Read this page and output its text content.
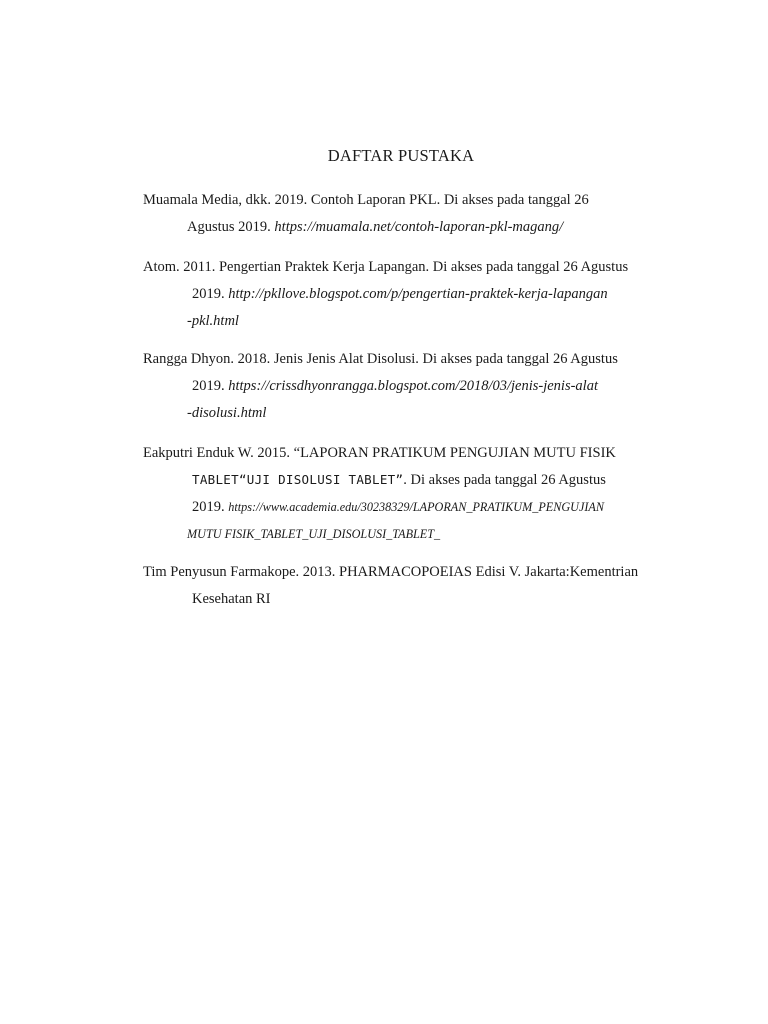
DAFTAR PUSTAKA
Muamala Media, dkk. 2019. Contoh Laporan PKL. Di akses pada tanggal 26
Agustus 2019. https://muamala.net/contoh-laporan-pkl-magang/
Atom. 2011. Pengertian Praktek Kerja Lapangan. Di akses pada tanggal 26 Agustus
2019. http://pkllove.blogspot.com/p/pengertian-praktek-kerja-lapangan
-pkl.html
Rangga Dhyon. 2018. Jenis Jenis Alat Disolusi. Di akses pada tanggal 26 Agustus
2019. https://crissdhyonrangga.blogspot.com/2018/03/jenis-jenis-alat
-disolusi.html
Eakputri Enduk W. 2015. “LAPORAN PRATIKUM PENGUJIAN MUTU FISIK
TABLET“UJI DISOLUSI TABLET”. Di akses pada tanggal 26 Agustus
2019. https://www.academia.edu/30238329/LAPORAN_PRATIKUM_PENGUJIAN
MUTU FISIK_TABLET_UJI_DISOLUSI_TABLET_
Tim Penyusun Farmakope. 2013. PHARMACOPOEIAS Edisi V. Jakarta:Kementrian
Kesehatan RI
